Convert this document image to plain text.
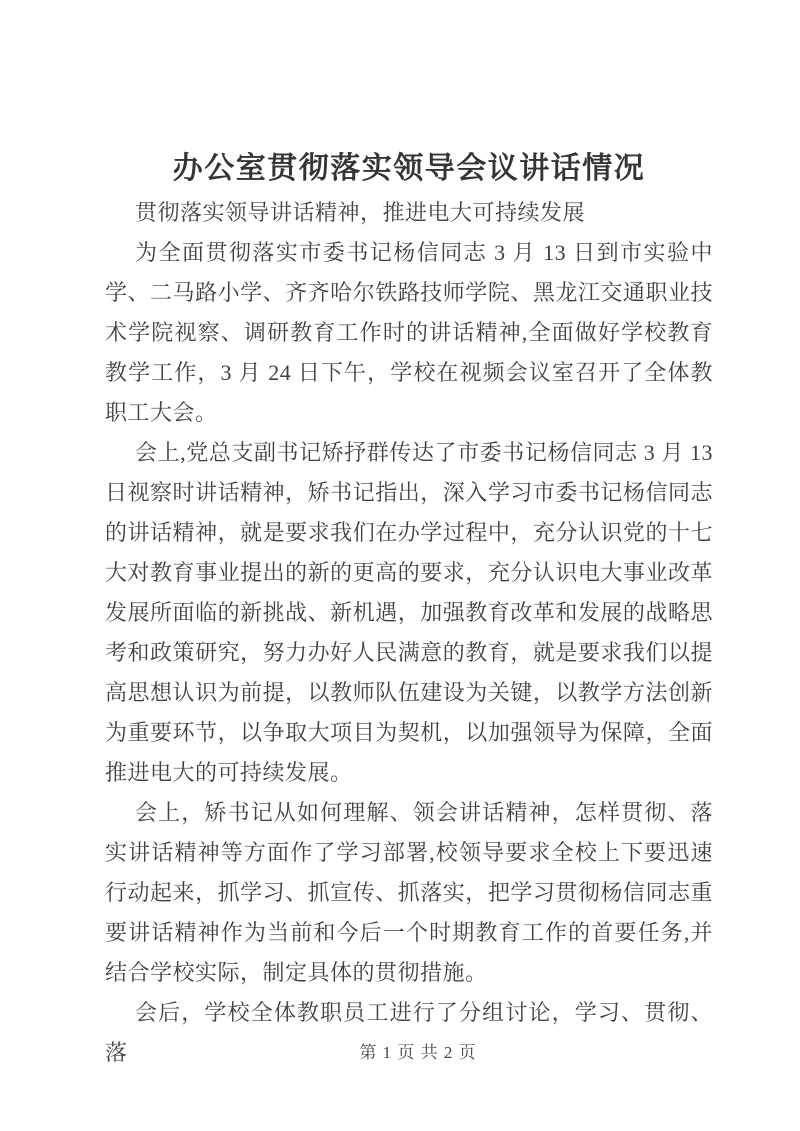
办公室贯彻落实领导会议讲话情况

贯彻落实领导讲话精神，推进电大可持续发展

为全面贯彻落实市委书记杨信同志 3 月 13 日到市实验中学、二马路小学、齐齐哈尔铁路技师学院、黑龙江交通职业技术学院视察、调研教育工作时的讲话精神,全面做好学校教育教学工作，3 月 24 日下午，学校在视频会议室召开了全体教职工大会。

会上,党总支副书记矫抒群传达了市委书记杨信同志 3 月 13 日视察时讲话精神，矫书记指出，深入学习市委书记杨信同志的讲话精神，就是要求我们在办学过程中，充分认识党的十七大对教育事业提出的新的更高的要求，充分认识电大事业改革发展所面临的新挑战、新机遇，加强教育改革和发展的战略思考和政策研究，努力办好人民满意的教育，就是要求我们以提高思想认识为前提，以教师队伍建设为关键，以教学方法创新为重要环节，以争取大项目为契机，以加强领导为保障，全面推进电大的可持续发展。

会上，矫书记从如何理解、领会讲话精神，怎样贯彻、落实讲话精神等方面作了学习部署,校领导要求全校上下要迅速行动起来，抓学习、抓宣传、抓落实，把学习贯彻杨信同志重要讲话精神作为当前和今后一个时期教育工作的首要任务,并结合学校实际，制定具体的贯彻措施。

会后，学校全体教职员工进行了分组讨论，学习、贯彻、落	第 1 页 共 2 页
